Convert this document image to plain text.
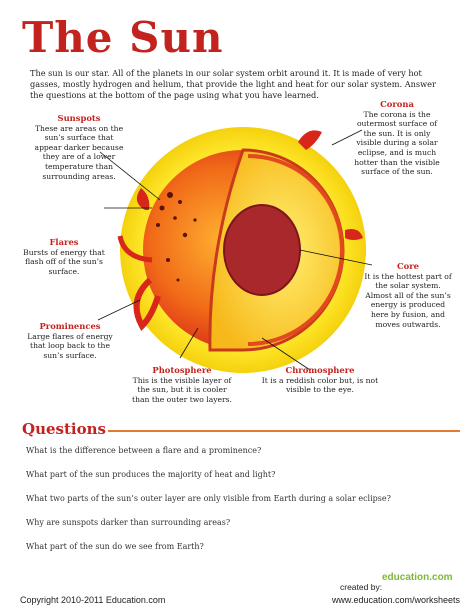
The Sun
The sun is our star. All of the planets in our solar system orbit around it. It is made of very hot gasses, mostly hydrogen and helium, that provide the light and heat for our solar system. Answer the questions at the bottom of the page using what you have learned.
Sunspots
These are areas on the sun’s surface that appear darker because they are of a lower temperature than surrounding areas.
Flares
Bursts of energy that flash off of the sun’s surface.
Prominences
Large flares of energy that loop back to the sun’s surface.
Photosphere
This is the visible layer of the sun, but it is cooler than the outer two layers.
Chromosphere
It is a reddish color but, is not visible to the eye.
Core
It is the hottest part of the solar system. Almost all of the sun’s energy is produced here by fusion, and moves outwards.
Corona
The corona is the outermost surface of the sun. It is only visible during a solar eclipse, and is much hotter than the visible surface of the sun.
Questions
What is the difference between a flare and a prominence?
What part of the sun produces the majority of heat and light?
What two parts of the sun’s outer layer are only visible from Earth during a solar eclipse?
Why are sunspots darker than surrounding areas?
What part of the sun do we see from Earth?
created by:
education.com
Copyright 2010-2011 Education.com	www.education.com/worksheets
